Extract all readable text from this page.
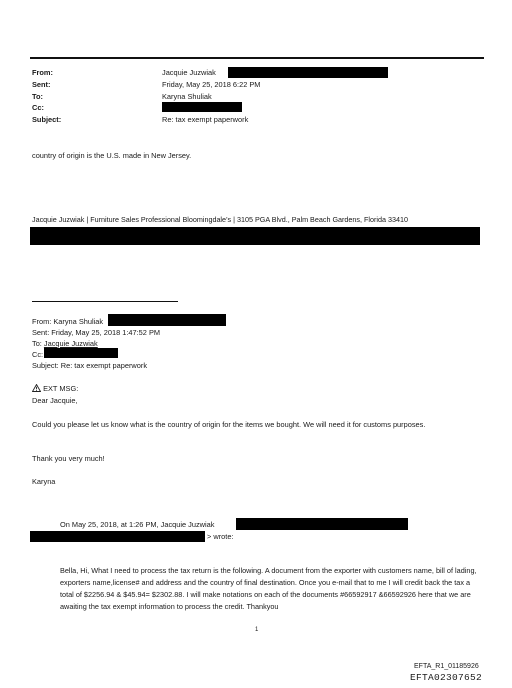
From:
Sent:
To:
Cc:
Subject:
Jacquie Juzwiak
Friday, May 25, 2018 6:22 PM
Karyna Shuliak
Re: tax exempt paperwork
country of origin is the U.S. made in New Jersey.
Jacquie Juzwiak | Furniture Sales Professional Bloomingdale’s | 3105 PGA Blvd., Palm Beach Gardens, Florida 33410
From: Karyna Shuliak
Sent: Friday, May 25, 2018 1:47:52 PM
To: Jacquie Juzwiak
Cc:
Subject: Re: tax exempt paperwork
EXT MSG:
Dear Jacquie,
Could you please let us know what is the country of origin for the items we bought. We will need it for customs purposes.
Thank you very much!
Karyna
On May 25, 2018, at 1:26 PM, Jacquie Juzwiak
> wrote:
Bella, Hi, What I need to process the tax return is the following. A document from the exporter with customers name, bill of lading, exporters name,license# and address and the country of final destination. Once you e-mail that to me I will credit back the tax a total of $2256.94 & $45.94= $2302.88. I will make notations on each of the documents #66592917 &66592926 here that we are awaiting the tax exempt information to process the credit. Thankyou
1
EFTA_R1_01185926
EFTA02307652
